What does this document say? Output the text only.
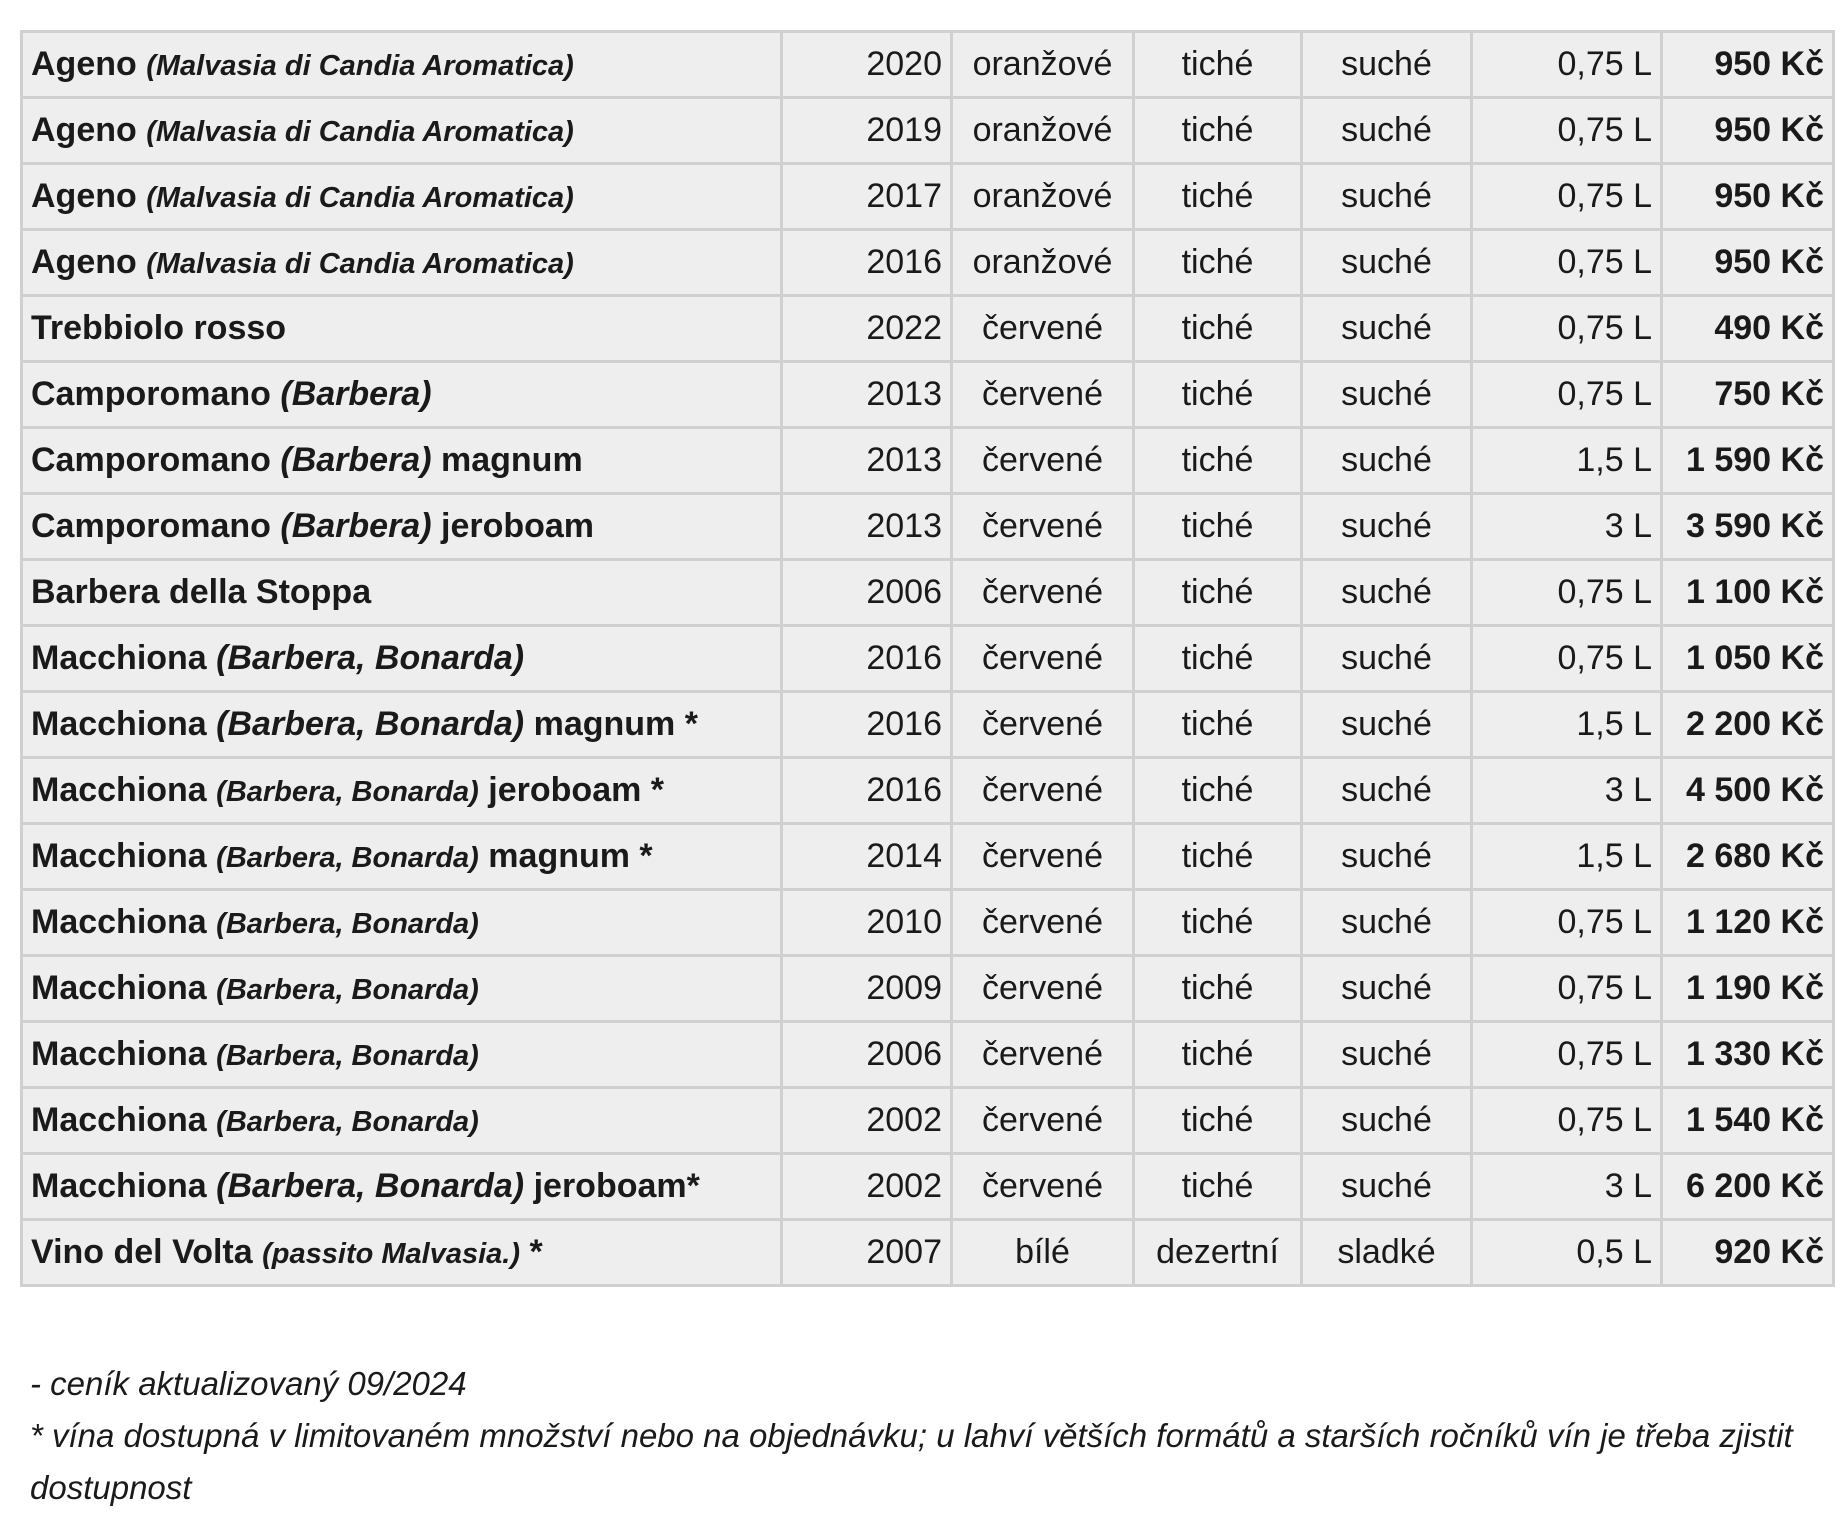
Ageno (Malvasia di Candia Aromatica)	2020	oranžové	tiché	suché	0,75 L	950 Kč
Ageno (Malvasia di Candia Aromatica)	2019	oranžové	tiché	suché	0,75 L	950 Kč
Ageno (Malvasia di Candia Aromatica)	2017	oranžové	tiché	suché	0,75 L	950 Kč
Ageno (Malvasia di Candia Aromatica)	2016	oranžové	tiché	suché	0,75 L	950 Kč
Trebbiolo rosso	2022	červené	tiché	suché	0,75 L	490 Kč
Camporomano (Barbera)	2013	červené	tiché	suché	0,75 L	750 Kč
Camporomano (Barbera) magnum	2013	červené	tiché	suché	1,5 L	1 590 Kč
Camporomano (Barbera) jeroboam	2013	červené	tiché	suché	3 L	3 590 Kč
Barbera della Stoppa	2006	červené	tiché	suché	0,75 L	1 100 Kč
Macchiona (Barbera, Bonarda)	2016	červené	tiché	suché	0,75 L	1 050 Kč
Macchiona (Barbera, Bonarda) magnum *	2016	červené	tiché	suché	1,5 L	2 200 Kč
Macchiona (Barbera, Bonarda) jeroboam *	2016	červené	tiché	suché	3 L	4 500 Kč
Macchiona (Barbera, Bonarda) magnum *	2014	červené	tiché	suché	1,5 L	2 680 Kč
Macchiona (Barbera, Bonarda)	2010	červené	tiché	suché	0,75 L	1 120 Kč
Macchiona (Barbera, Bonarda)	2009	červené	tiché	suché	0,75 L	1 190 Kč
Macchiona (Barbera, Bonarda)	2006	červené	tiché	suché	0,75 L	1 330 Kč
Macchiona (Barbera, Bonarda)	2002	červené	tiché	suché	0,75 L	1 540 Kč
Macchiona (Barbera, Bonarda) jeroboam*	2002	červené	tiché	suché	3 L	6 200 Kč
Vino del Volta (passito Malvasia.) *	2007	bílé	dezertní	sladké	0,5 L	920 Kč

- ceník aktualizovaný 09/2024

* vína dostupná v limitovaném množství nebo na objednávku; u lahví větších formátů a starších ročníků vín je třeba zjistit dostupnost
